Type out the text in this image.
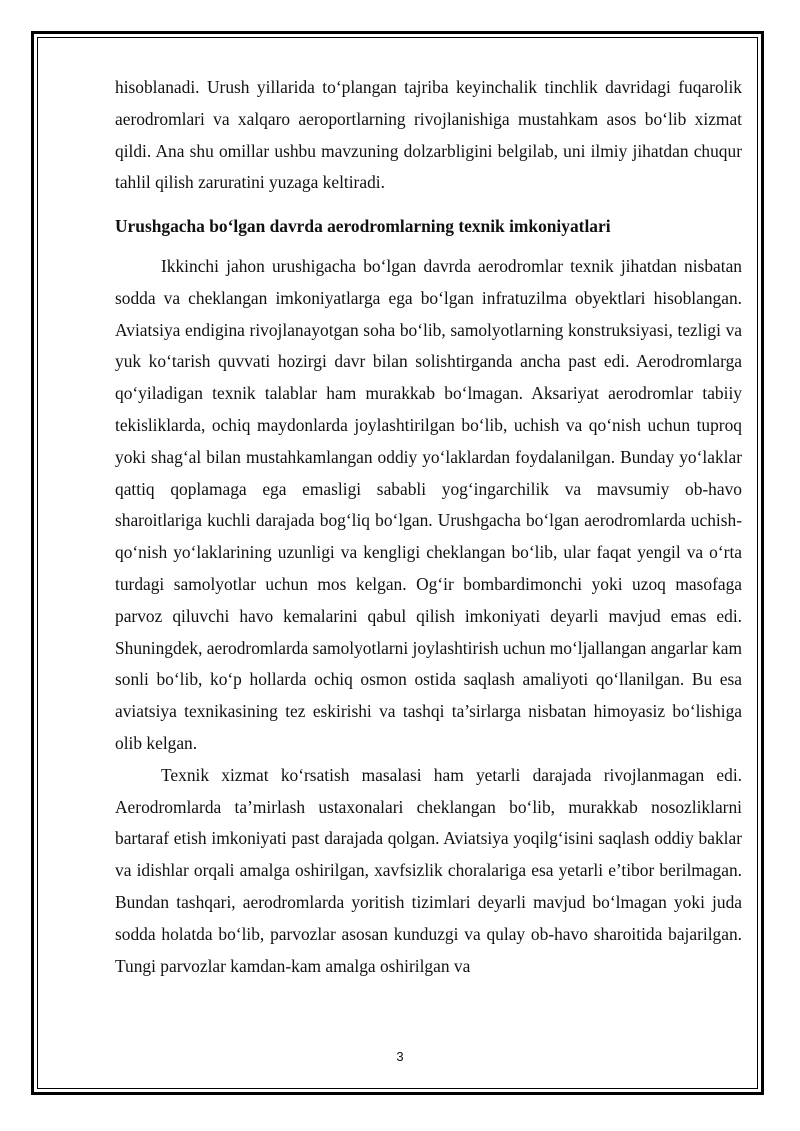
hisoblanadi. Urush yillarida to‘plangan tajriba keyinchalik tinchlik davridagi fuqarolik aerodromlari va xalqaro aeroportlarning rivojlanishiga mustahkam asos bo‘lib xizmat qildi. Ana shu omillar ushbu mavzuning dolzarbligini belgilab, uni ilmiy jihatdan chuqur tahlil qilish zaruratini yuzaga keltiradi.

Urushgacha bo‘lgan davrda aerodromlarning texnik imkoniyatlari

Ikkinchi jahon urushigacha bo‘lgan davrda aerodromlar texnik jihatdan nisbatan sodda va cheklangan imkoniyatlarga ega bo‘lgan infratuzilma obyektlari hisoblangan. Aviatsiya endigina rivojlanayotgan soha bo‘lib, samolyotlarning konstruksiyasi, tezligi va yuk ko‘tarish quvvati hozirgi davr bilan solishtirganda ancha past edi. Aerodromlarga qo‘yiladigan texnik talablar ham murakkab bo‘lmagan. Aksariyat aerodromlar tabiiy tekisliklarda, ochiq maydonlarda joylashtirilgan bo‘lib, uchish va qo‘nish uchun tuproq yoki shag‘al bilan mustahkamlangan oddiy yo‘laklardan foydalanilgan. Bunday yo‘laklar qattiq qoplamaga ega emasligi sababli yog‘ingarchilik va mavsumiy ob-havo sharoitlariga kuchli darajada bog‘liq bo‘lgan. Urushgacha bo‘lgan aerodromlarda uchish-qo‘nish yo‘laklarining uzunligi va kengligi cheklangan bo‘lib, ular faqat yengil va o‘rta turdagi samolyotlar uchun mos kelgan. Og‘ir bombardimonchi yoki uzoq masofaga parvoz qiluvchi havo kemalarini qabul qilish imkoniyati deyarli mavjud emas edi. Shuningdek, aerodromlarda samolyotlarni joylashtirish uchun mo‘ljallangan angarlar kam sonli bo‘lib, ko‘p hollarda ochiq osmon ostida saqlash amaliyoti qo‘llanilgan. Bu esa aviatsiya texnikasining tez eskirishi va tashqi ta’sirlarga nisbatan himoyasiz bo‘lishiga olib kelgan.

Texnik xizmat ko‘rsatish masalasi ham yetarli darajada rivojlanmagan edi. Aerodromlarda ta’mirlash ustaxonalari cheklangan bo‘lib, murakkab nosozliklarni bartaraf etish imkoniyati past darajada qolgan. Aviatsiya yoqilg‘isini saqlash oddiy baklar va idishlar orqali amalga oshirilgan, xavfsizlik choralariga esa yetarli e’tibor berilmagan. Bundan tashqari, aerodromlarda yoritish tizimlari deyarli mavjud bo‘lmagan yoki juda sodda holatda bo‘lib, parvozlar asosan kunduzgi va qulay ob-havo sharoitida bajarilgan. Tungi parvozlar kamdan-kam amalga oshirilgan va

3
